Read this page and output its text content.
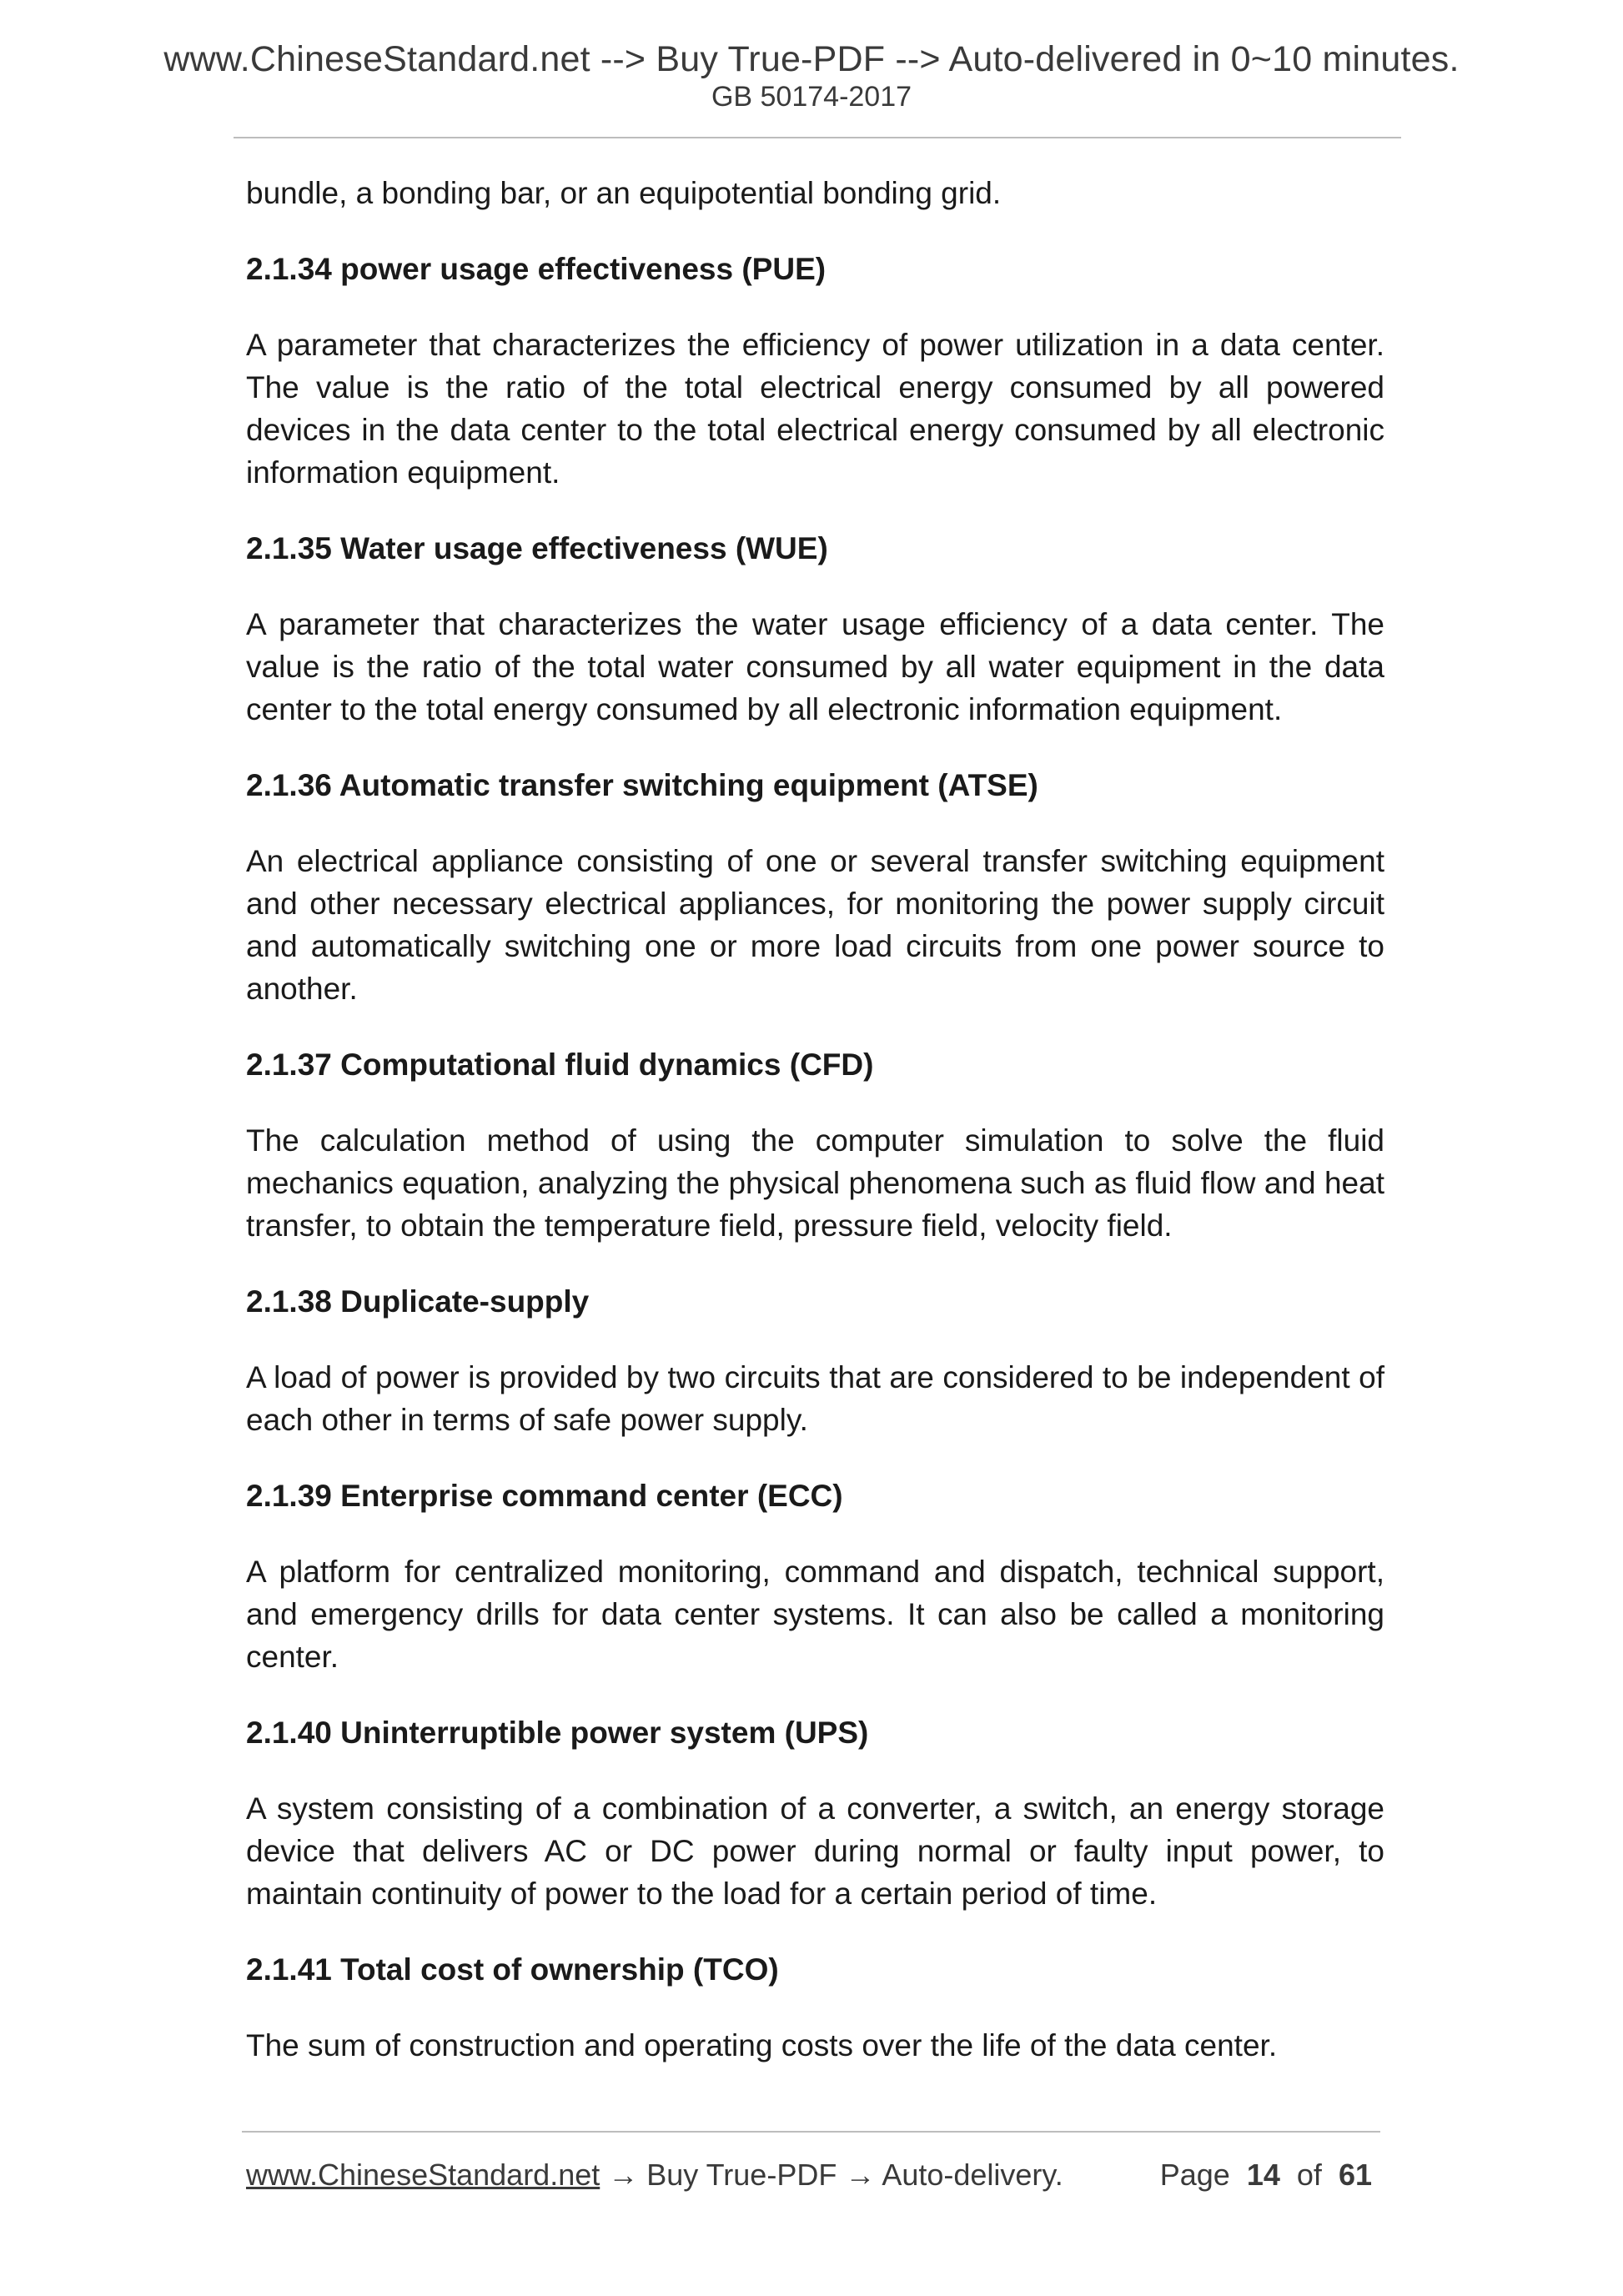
www.ChineseStandard.net --> Buy True-PDF --> Auto-delivered in 0~10 minutes.
GB 50174-2017

bundle, a bonding bar, or an equipotential bonding grid.

2.1.34 power usage effectiveness (PUE)

A parameter that characterizes the efficiency of power utilization in a data center. The value is the ratio of the total electrical energy consumed by all powered devices in the data center to the total electrical energy consumed by all electronic information equipment.

2.1.35 Water usage effectiveness (WUE)

A parameter that characterizes the water usage efficiency of a data center. The value is the ratio of the total water consumed by all water equipment in the data center to the total energy consumed by all electronic information equipment.

2.1.36 Automatic transfer switching equipment (ATSE)

An electrical appliance consisting of one or several transfer switching equipment and other necessary electrical appliances, for monitoring the power supply circuit and automatically switching one or more load circuits from one power source to another.

2.1.37 Computational fluid dynamics (CFD)

The calculation method of using the computer simulation to solve the fluid mechanics equation, analyzing the physical phenomena such as fluid flow and heat transfer, to obtain the temperature field, pressure field, velocity field.

2.1.38 Duplicate-supply

A load of power is provided by two circuits that are considered to be independent of each other in terms of safe power supply.

2.1.39 Enterprise command center (ECC)

A platform for centralized monitoring, command and dispatch, technical support, and emergency drills for data center systems. It can also be called a monitoring center.

2.1.40 Uninterruptible power system (UPS)

A system consisting of a combination of a converter, a switch, an energy storage device that delivers AC or DC power during normal or faulty input power, to maintain continuity of power to the load for a certain period of time.

2.1.41 Total cost of ownership (TCO)

The sum of construction and operating costs over the life of the data center.

www.ChineseStandard.net → Buy True-PDF → Auto-delivery.	Page 14 of 61
